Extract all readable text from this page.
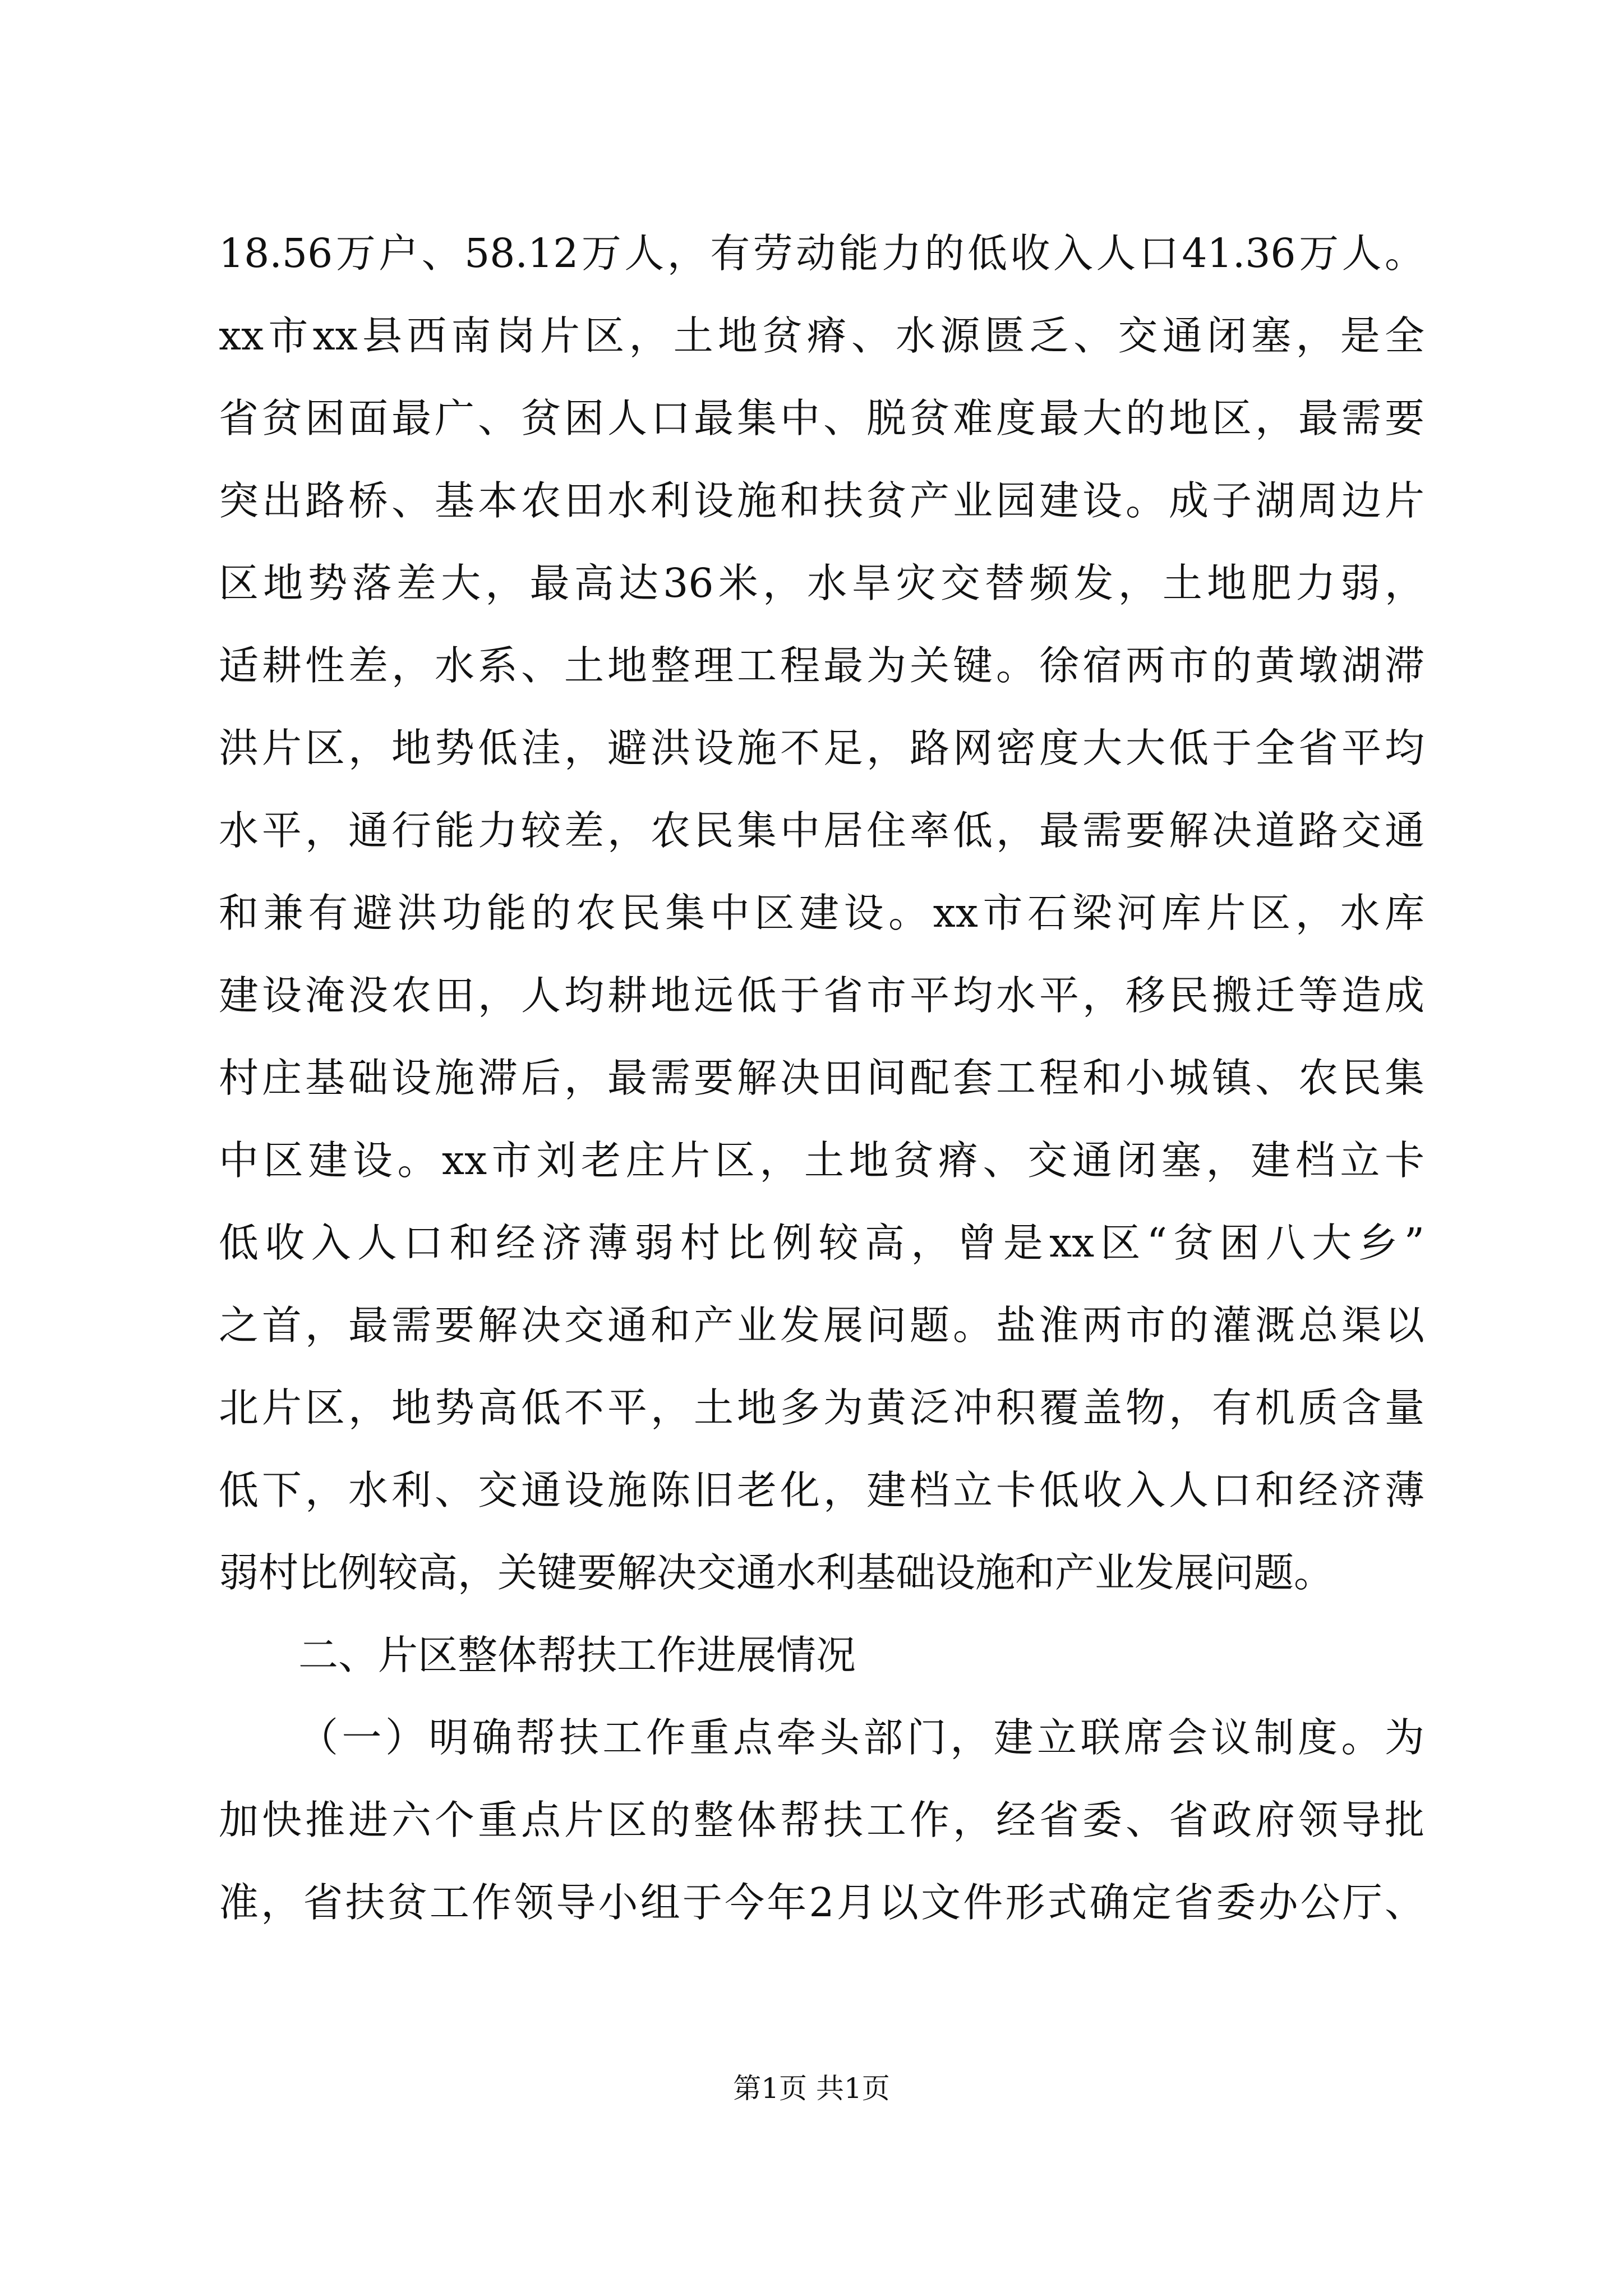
18.56万户、58.12万人，有劳动能力的低收入人口41.36万人。
xx市xx县西南岗片区，土地贫瘠、水源匮乏、交通闭塞，是全
省贫困面最广、贫困人口最集中、脱贫难度最大的地区，最需要
突出路桥、基本农田水利设施和扶贫产业园建设。成子湖周边片
区地势落差大，最高达36米，水旱灾交替频发，土地肥力弱，
适耕性差，水系、土地整理工程最为关键。徐宿两市的黄墩湖滞
洪片区，地势低洼，避洪设施不足，路网密度大大低于全省平均
水平，通行能力较差，农民集中居住率低，最需要解决道路交通
和兼有避洪功能的农民集中区建设。xx市石梁河库片区，水库
建设淹没农田，人均耕地远低于省市平均水平，移民搬迁等造成
村庄基础设施滞后，最需要解决田间配套工程和小城镇、农民集
中区建设。xx市刘老庄片区，土地贫瘠、交通闭塞，建档立卡
低收入人口和经济薄弱村比例较高，曾是xx区“贫困八大乡”
之首，最需要解决交通和产业发展问题。盐淮两市的灌溉总渠以
北片区，地势高低不平，土地多为黄泛冲积覆盖物，有机质含量
低下，水利、交通设施陈旧老化，建档立卡低收入人口和经济薄
弱村比例较高，关键要解决交通水利基础设施和产业发展问题。
二、片区整体帮扶工作进展情况
（一）明确帮扶工作重点牵头部门，建立联席会议制度。为
加快推进六个重点片区的整体帮扶工作，经省委、省政府领导批
准，省扶贫工作领导小组于今年2月以文件形式确定省委办公厅、
第1页 共1页
